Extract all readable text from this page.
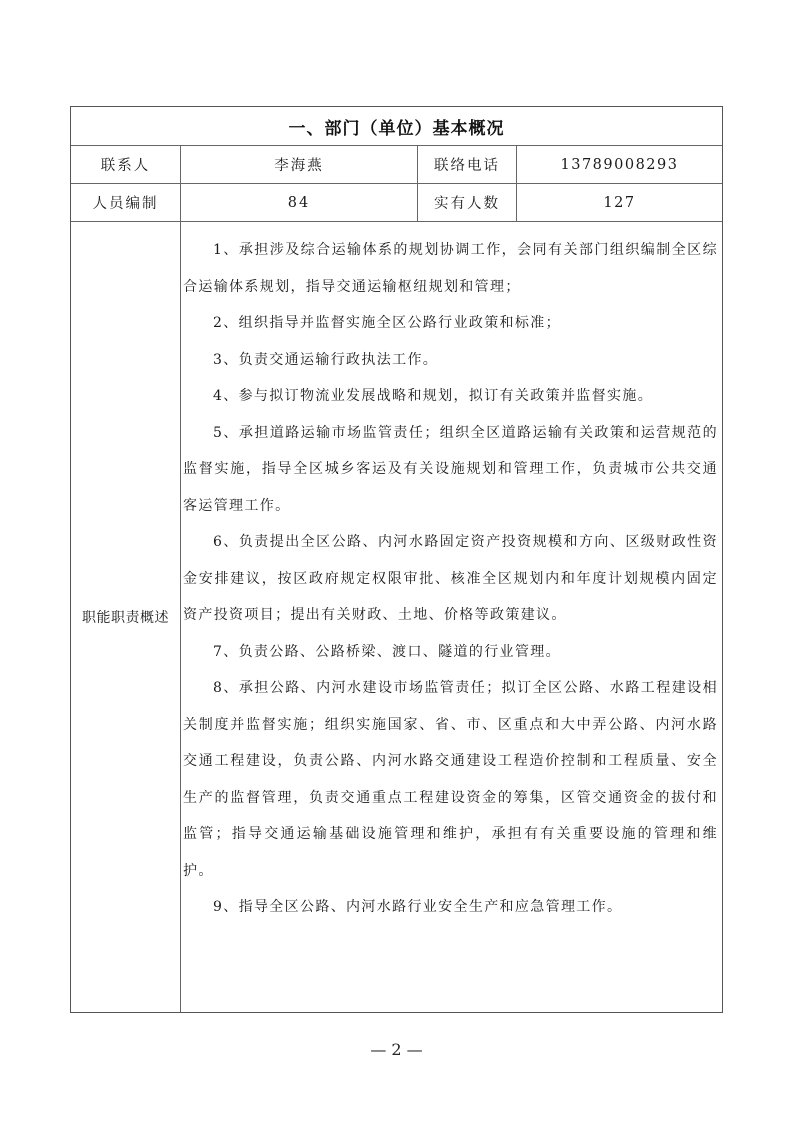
一、部门（单位）基本概况
联系人	李海燕	联络电话	13789008293
人员编制	84	实有人数	127
职能职责概述

1、承担涉及综合运输体系的规划协调工作，会同有关部门组织编制全区综合运输体系规划，指导交通运输枢纽规划和管理；

2、组织指导并监督实施全区公路行业政策和标准；

3、负责交通运输行政执法工作。

4、参与拟订物流业发展战略和规划，拟订有关政策并监督实施。

5、承担道路运输市场监管责任；组织全区道路运输有关政策和运营规范的监督实施，指导全区城乡客运及有关设施规划和管理工作，负责城市公共交通客运管理工作。

6、负责提出全区公路、内河水路固定资产投资规模和方向、区级财政性资金安排建议，按区政府规定权限审批、核准全区规划内和年度计划规模内固定资产投资项目；提出有关财政、土地、价格等政策建议。

7、负责公路、公路桥梁、渡口、隧道的行业管理。

8、承担公路、内河水建设市场监管责任；拟订全区公路、水路工程建设相关制度并监督实施；组织实施国家、省、市、区重点和大中弄公路、内河水路交通工程建设，负责公路、内河水路交通建设工程造价控制和工程质量、安全生产的监督管理，负责交通重点工程建设资金的筹集，区管交通资金的拔付和监管；指导交通运输基础设施管理和维护，承担有有关重要设施的管理和维护。

9、指导全区公路、内河水路行业安全生产和应急管理工作。

— 2 —
